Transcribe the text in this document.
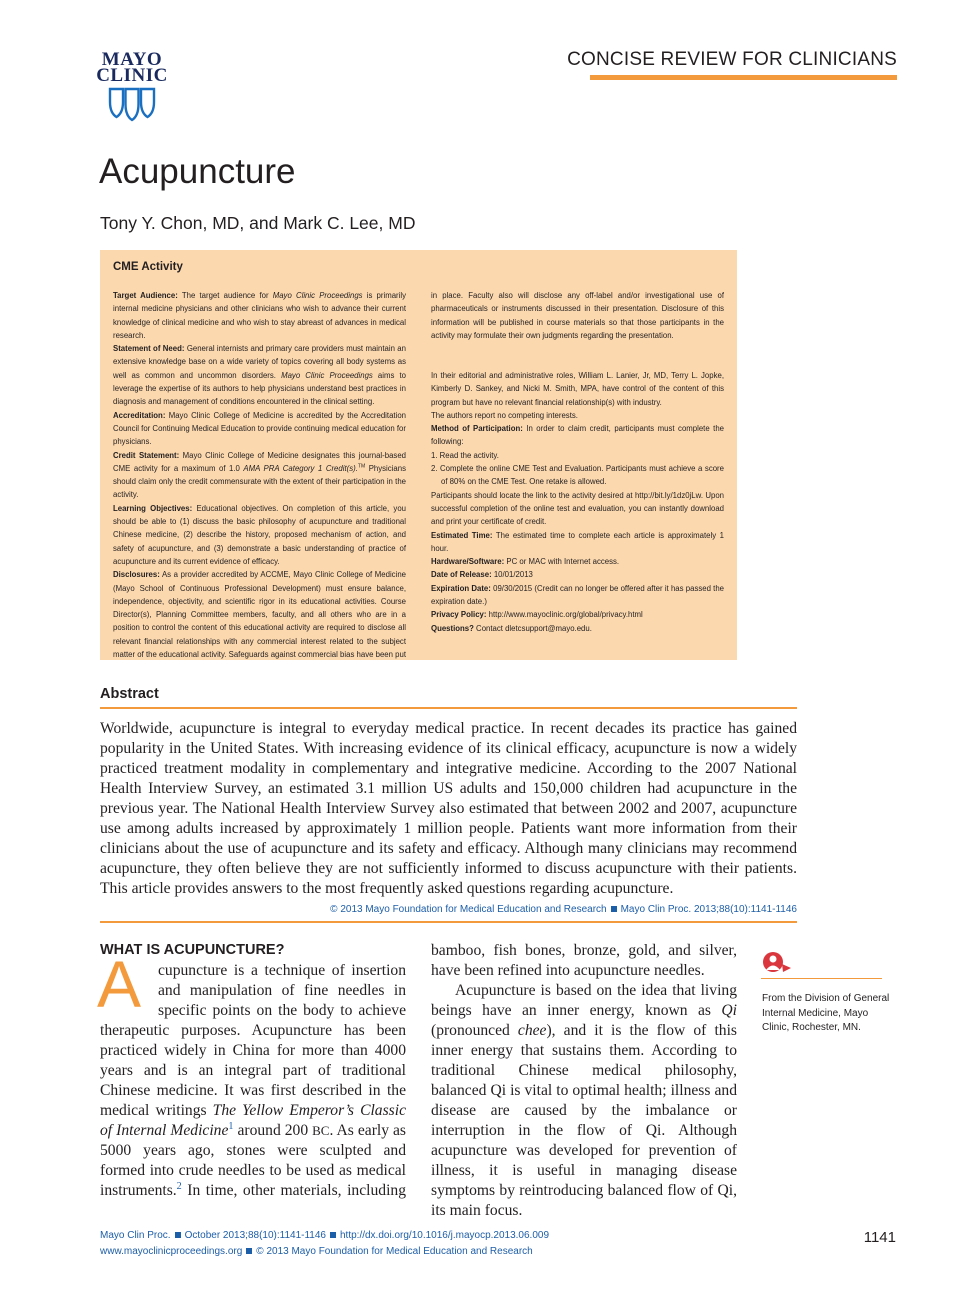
MAYO
CLINIC
CONCISE REVIEW FOR CLINICIANS
Acupuncture
Tony Y. Chon, MD, and Mark C. Lee, MD
CME Activity

Target Audience: The target audience for Mayo Clinic Proceedings is primarily internal medicine physicians and other clinicians who wish to advance their current knowledge of clinical medicine and who wish to stay abreast of advances in medical research.

Statement of Need: General internists and primary care providers must maintain an extensive knowledge base on a wide variety of topics covering all body systems as well as common and uncommon disorders. Mayo Clinic Proceedings aims to leverage the expertise of its authors to help physicians understand best practices in diagnosis and management of conditions encountered in the clinical setting.

Accreditation: Mayo Clinic College of Medicine is accredited by the Accreditation Council for Continuing Medical Education to provide continuing medical education for physicians.

Credit Statement: Mayo Clinic College of Medicine designates this journal-based CME activity for a maximum of 1.0 AMA PRA Category 1 Credit(s).™ Physicians should claim only the credit commensurate with the extent of their participation in the activity.

Learning Objectives: Educational objectives. On completion of this article, you should be able to (1) discuss the basic philosophy of acupuncture and traditional Chinese medicine, (2) describe the history, proposed mechanism of action, and safety of acupuncture, and (3) demonstrate a basic understanding of practice of acupuncture and its current evidence of efficacy.

Disclosures: As a provider accredited by ACCME, Mayo Clinic College of Medicine (Mayo School of Continuous Professional Development) must ensure balance, independence, objectivity, and scientific rigor in its educational activities. Course Director(s), Planning Committee members, faculty, and all others who are in a position to control the content of this educational activity are required to disclose all relevant financial relationships with any commercial interest related to the subject matter of the educational activity. Safeguards against commercial bias have been put

in place. Faculty also will disclose any off-label and/or investigational use of pharmaceuticals or instruments discussed in their presentation. Disclosure of this information will be published in course materials so that those participants in the activity may formulate their own judgments regarding the presentation.

In their editorial and administrative roles, William L. Lanier, Jr, MD, Terry L. Jopke, Kimberly D. Sankey, and Nicki M. Smith, MPA, have control of the content of this program but have no relevant financial relationship(s) with industry.

The authors report no competing interests.

Method of Participation: In order to claim credit, participants must complete the following:

1. Read the activity.

2. Complete the online CME Test and Evaluation. Participants must achieve a score of 80% on the CME Test. One retake is allowed.

Participants should locate the link to the activity desired at http://bit.ly/1dz0jLw. Upon successful completion of the online test and evaluation, you can instantly download and print your certificate of credit.

Estimated Time: The estimated time to complete each article is approximately 1 hour.

Hardware/Software: PC or MAC with Internet access.

Date of Release: 10/01/2013

Expiration Date: 09/30/2015 (Credit can no longer be offered after it has passed the expiration date.)

Privacy Policy: http://www.mayoclinic.org/global/privacy.html

Questions? Contact dletcsupport@mayo.edu.

Abstract
Worldwide, acupuncture is integral to everyday medical practice. In recent decades its practice has gained popularity in the United States. With increasing evidence of its clinical efficacy, acupuncture is now a widely practiced treatment modality in complementary and integrative medicine. According to the 2007 National Health Interview Survey, an estimated 3.1 million US adults and 150,000 children had acupuncture in the previous year. The National Health Interview Survey also estimated that between 2002 and 2007, acupuncture use among adults increased by approximately 1 million people. Patients want more information from their clinicians about the use of acupuncture and its safety and efficacy. Although many clinicians may recommend acupuncture, they often believe they are not sufficiently informed to discuss acupuncture with their patients. This article provides answers to the most frequently asked questions regarding acupuncture.
© 2013 Mayo Foundation for Medical Education and Research Mayo Clin Proc. 2013;88(10):1141-1146
WHAT IS ACUPUNCTURE?
A	cupuncture is a technique of insertion and manipulation of fine needles in specific points on the body to achieve therapeutic purposes. Acupuncture has been practiced widely in China for more than 4000 years and is an integral part of traditional Chinese medicine. It was first described in the medical writings The Yellow Emperor’s Classic of Internal Medicine$^1$ around 200 BC. As early as 5000 years ago, stones were sculpted and formed into crude needles to be used as medical instruments.$^2$ In time, other materials, including

bamboo, fish bones, bronze, gold, and silver, have been refined into acupuncture needles.

Acupuncture is based on the idea that living beings have an inner energy, known as Qi (pronounced chee), and it is the flow of this inner energy that sustains them. According to traditional Chinese medical philosophy, balanced Qi is vital to optimal health; illness and disease are caused by the imbalance or interruption in the flow of Qi. Although acupuncture was developed for prevention of illness, it is useful in managing disease symptoms by reintroducing balanced flow of Qi, its main focus.

From the Division of General Internal Medicine, Mayo Clinic, Rochester, MN.
Mayo Clin Proc. October 2013;88(10):1141-1146 http://dx.doi.org/10.1016/j.mayocp.2013.06.009
www.mayoclinicproceedings.org © 2013 Mayo Foundation for Medical Education and Research
1141
